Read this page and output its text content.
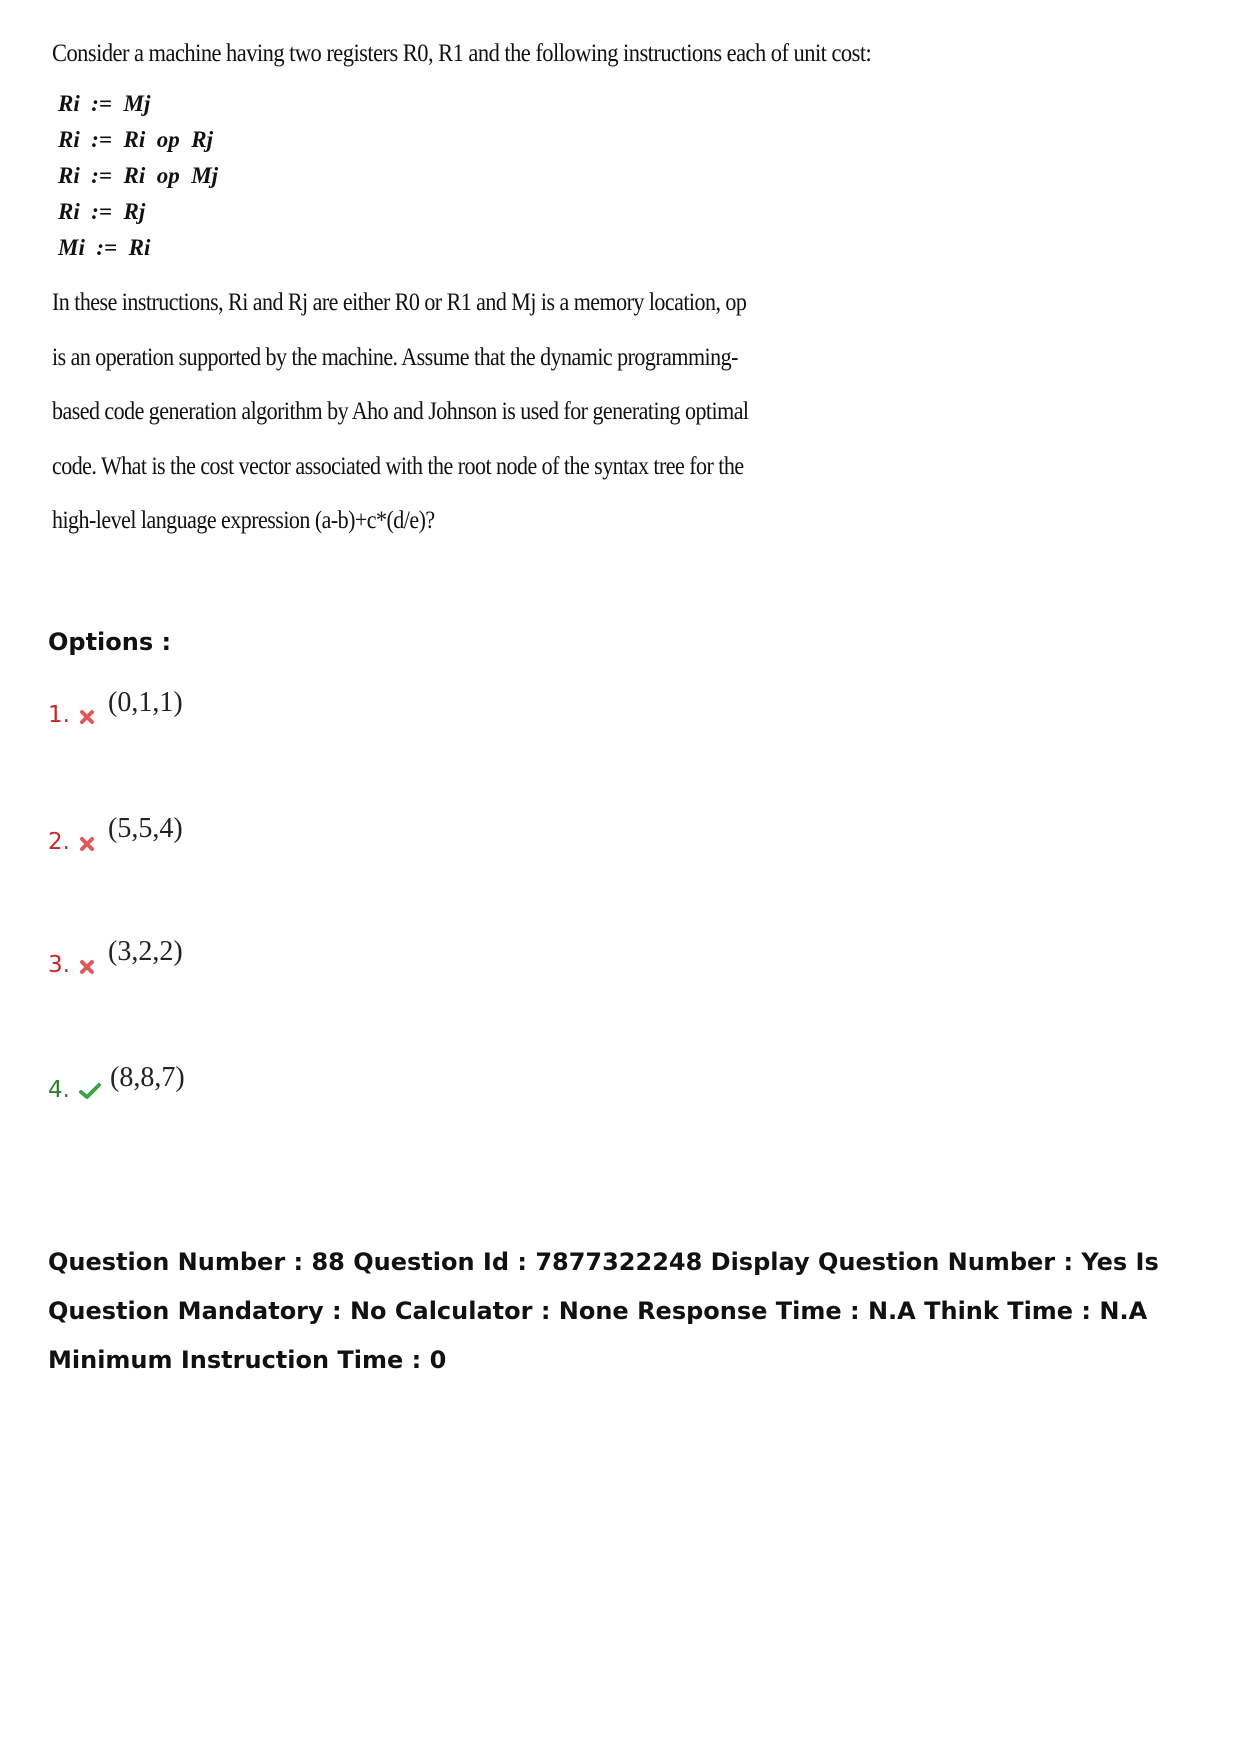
Consider a machine having two registers R0, R1 and the following instructions each of unit cost:
Ri  :=  Mj
Ri  :=  Ri  op  Rj
Ri  :=  Ri  op  Mj
Ri  :=  Rj
Mi  :=  Ri
In these instructions, Ri and Rj are either R0 or R1 and Mj is a memory location, op
is an operation supported by the machine. Assume that the dynamic programming-
based code generation algorithm by Aho and Johnson is used for generating optimal
code. What is the cost vector associated with the root node of the syntax tree for the
high-level language expression (a-b)+c*(d/e)?
Options :
1. (0,1,1)
2. (5,5,4)
3. (3,2,2)
4. (8,8,7)
Question Number : 88 Question Id : 7877322248 Display Question Number : Yes Is Question Mandatory : No Calculator : None Response Time : N.A Think Time : N.A Minimum Instruction Time : 0
